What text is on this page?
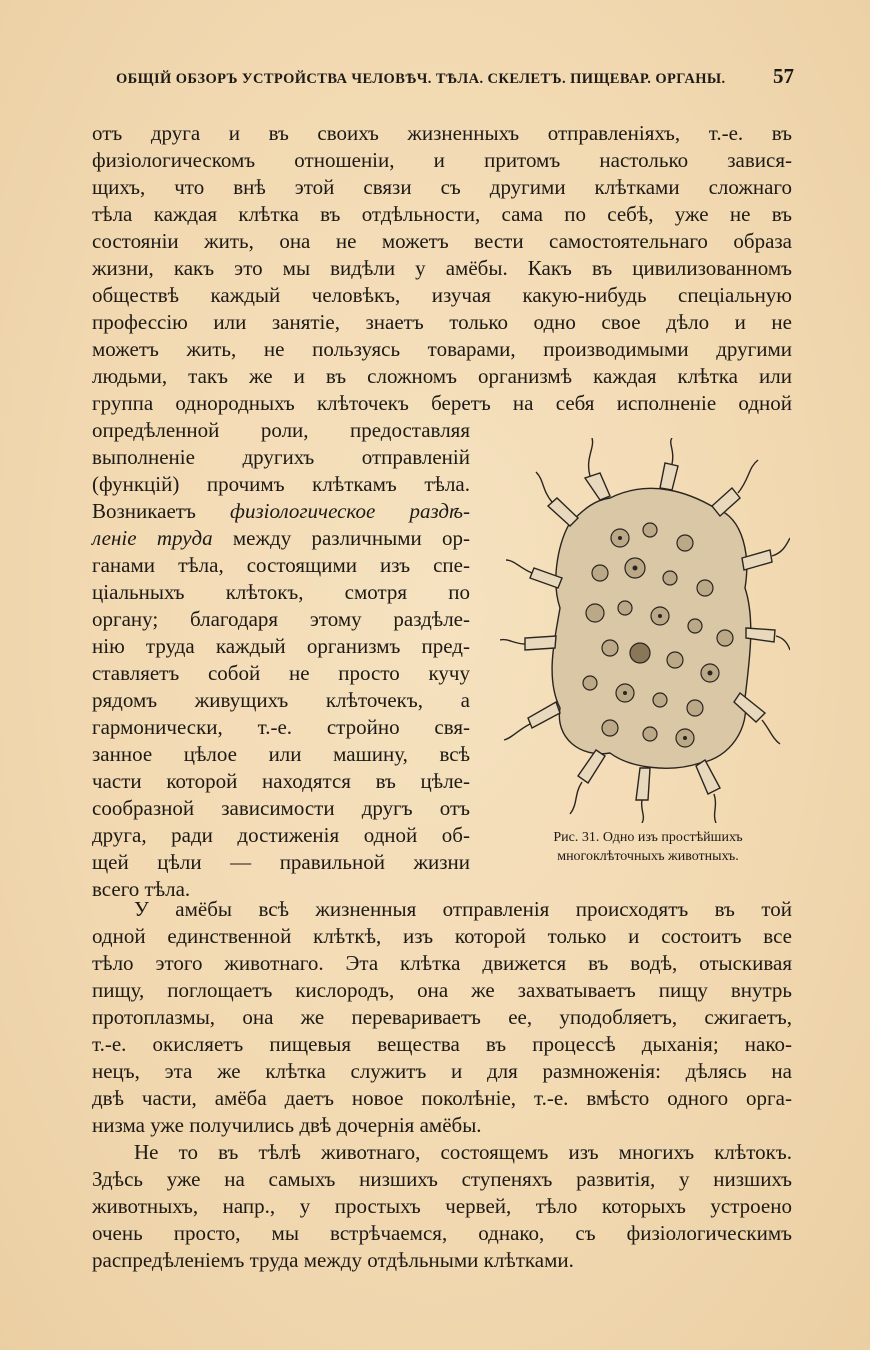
ОБЩІЙ ОБЗОРЪ УСТРОЙСТВА ЧЕЛОВѢЧ. ТѢЛА. СКЕЛЕТЪ. ПИЩЕВАР. ОРГАНЫ. 57
отъ друга и въ своихъ жизненныхъ отправленіяхъ, т.-е. въ
физіологическомъ отношеніи, и притомъ настолько завися-
щихъ, что внѣ этой связи съ другими клѣтками сложнаго
тѣла каждая клѣтка въ отдѣльности, сама по себѣ, уже не въ
состояніи жить, она не можетъ вести самостоятельнаго образа
жизни, какъ это мы видѣли у амёбы. Какъ въ цивилизованномъ
обществѣ каждый человѣкъ, изучая какую-нибудь спеціальную
профессію или занятіе, знаетъ только одно свое дѣло и не
можетъ жить, не пользуясь товарами, производимыми другими
людьми, такъ же и въ сложномъ организмѣ каждая клѣтка или
группа однородныхъ клѣточекъ беретъ на себя исполненіе одной
опредѣленной роли, предоставляя
выполненіе другихъ отправленій
(функцій) прочимъ клѣткамъ тѣла.
Возникаетъ физіологическое раздѣ-
леніе труда между различными ор-
ганами тѣла, состоящими изъ спе-
ціальныхъ клѣтокъ, смотря по
органу; благодаря этому раздѣле-
нію труда каждый организмъ пред-
ставляетъ собой не просто кучу
рядомъ живущихъ клѣточекъ, а
гармонически, т.-е. стройно свя-
занное цѣлое или машину, всѣ
части которой находятся въ цѣле-
сообразной зависимости другъ отъ
друга, ради достиженія одной об-
щей цѣли — правильной жизни
всего тѣла.
Рис. 31. Одно изъ простѣйшихъ
многоклѣточныхъ животныхъ.
У амёбы всѣ жизненныя отправленія происходятъ въ той
одной единственной клѣткѣ, изъ которой только и состоитъ все
тѣло этого животнаго. Эта клѣтка движется въ водѣ, отыскивая
пищу, поглощаетъ кислородъ, она же захватываетъ пищу внутрь
протоплазмы, она же перевариваетъ ее, уподобляетъ, сжигаетъ,
т.-е. окисляетъ пищевыя вещества въ процессѣ дыханія; нако-
нецъ, эта же клѣтка служитъ и для размноженія: дѣлясь на
двѣ части, амёба даетъ новое поколѣніе, т.-е. вмѣсто одного орга-
низма уже получились двѣ дочернія амёбы.
Не то въ тѣлѣ животнаго, состоящемъ изъ многихъ клѣтокъ.
Здѣсь уже на самыхъ низшихъ ступеняхъ развитія, у низшихъ
животныхъ, напр., у простыхъ червей, тѣло которыхъ устроено
очень просто, мы встрѣчаемся, однако, съ физіологическимъ
распредѣленіемъ труда между отдѣльными клѣтками.
